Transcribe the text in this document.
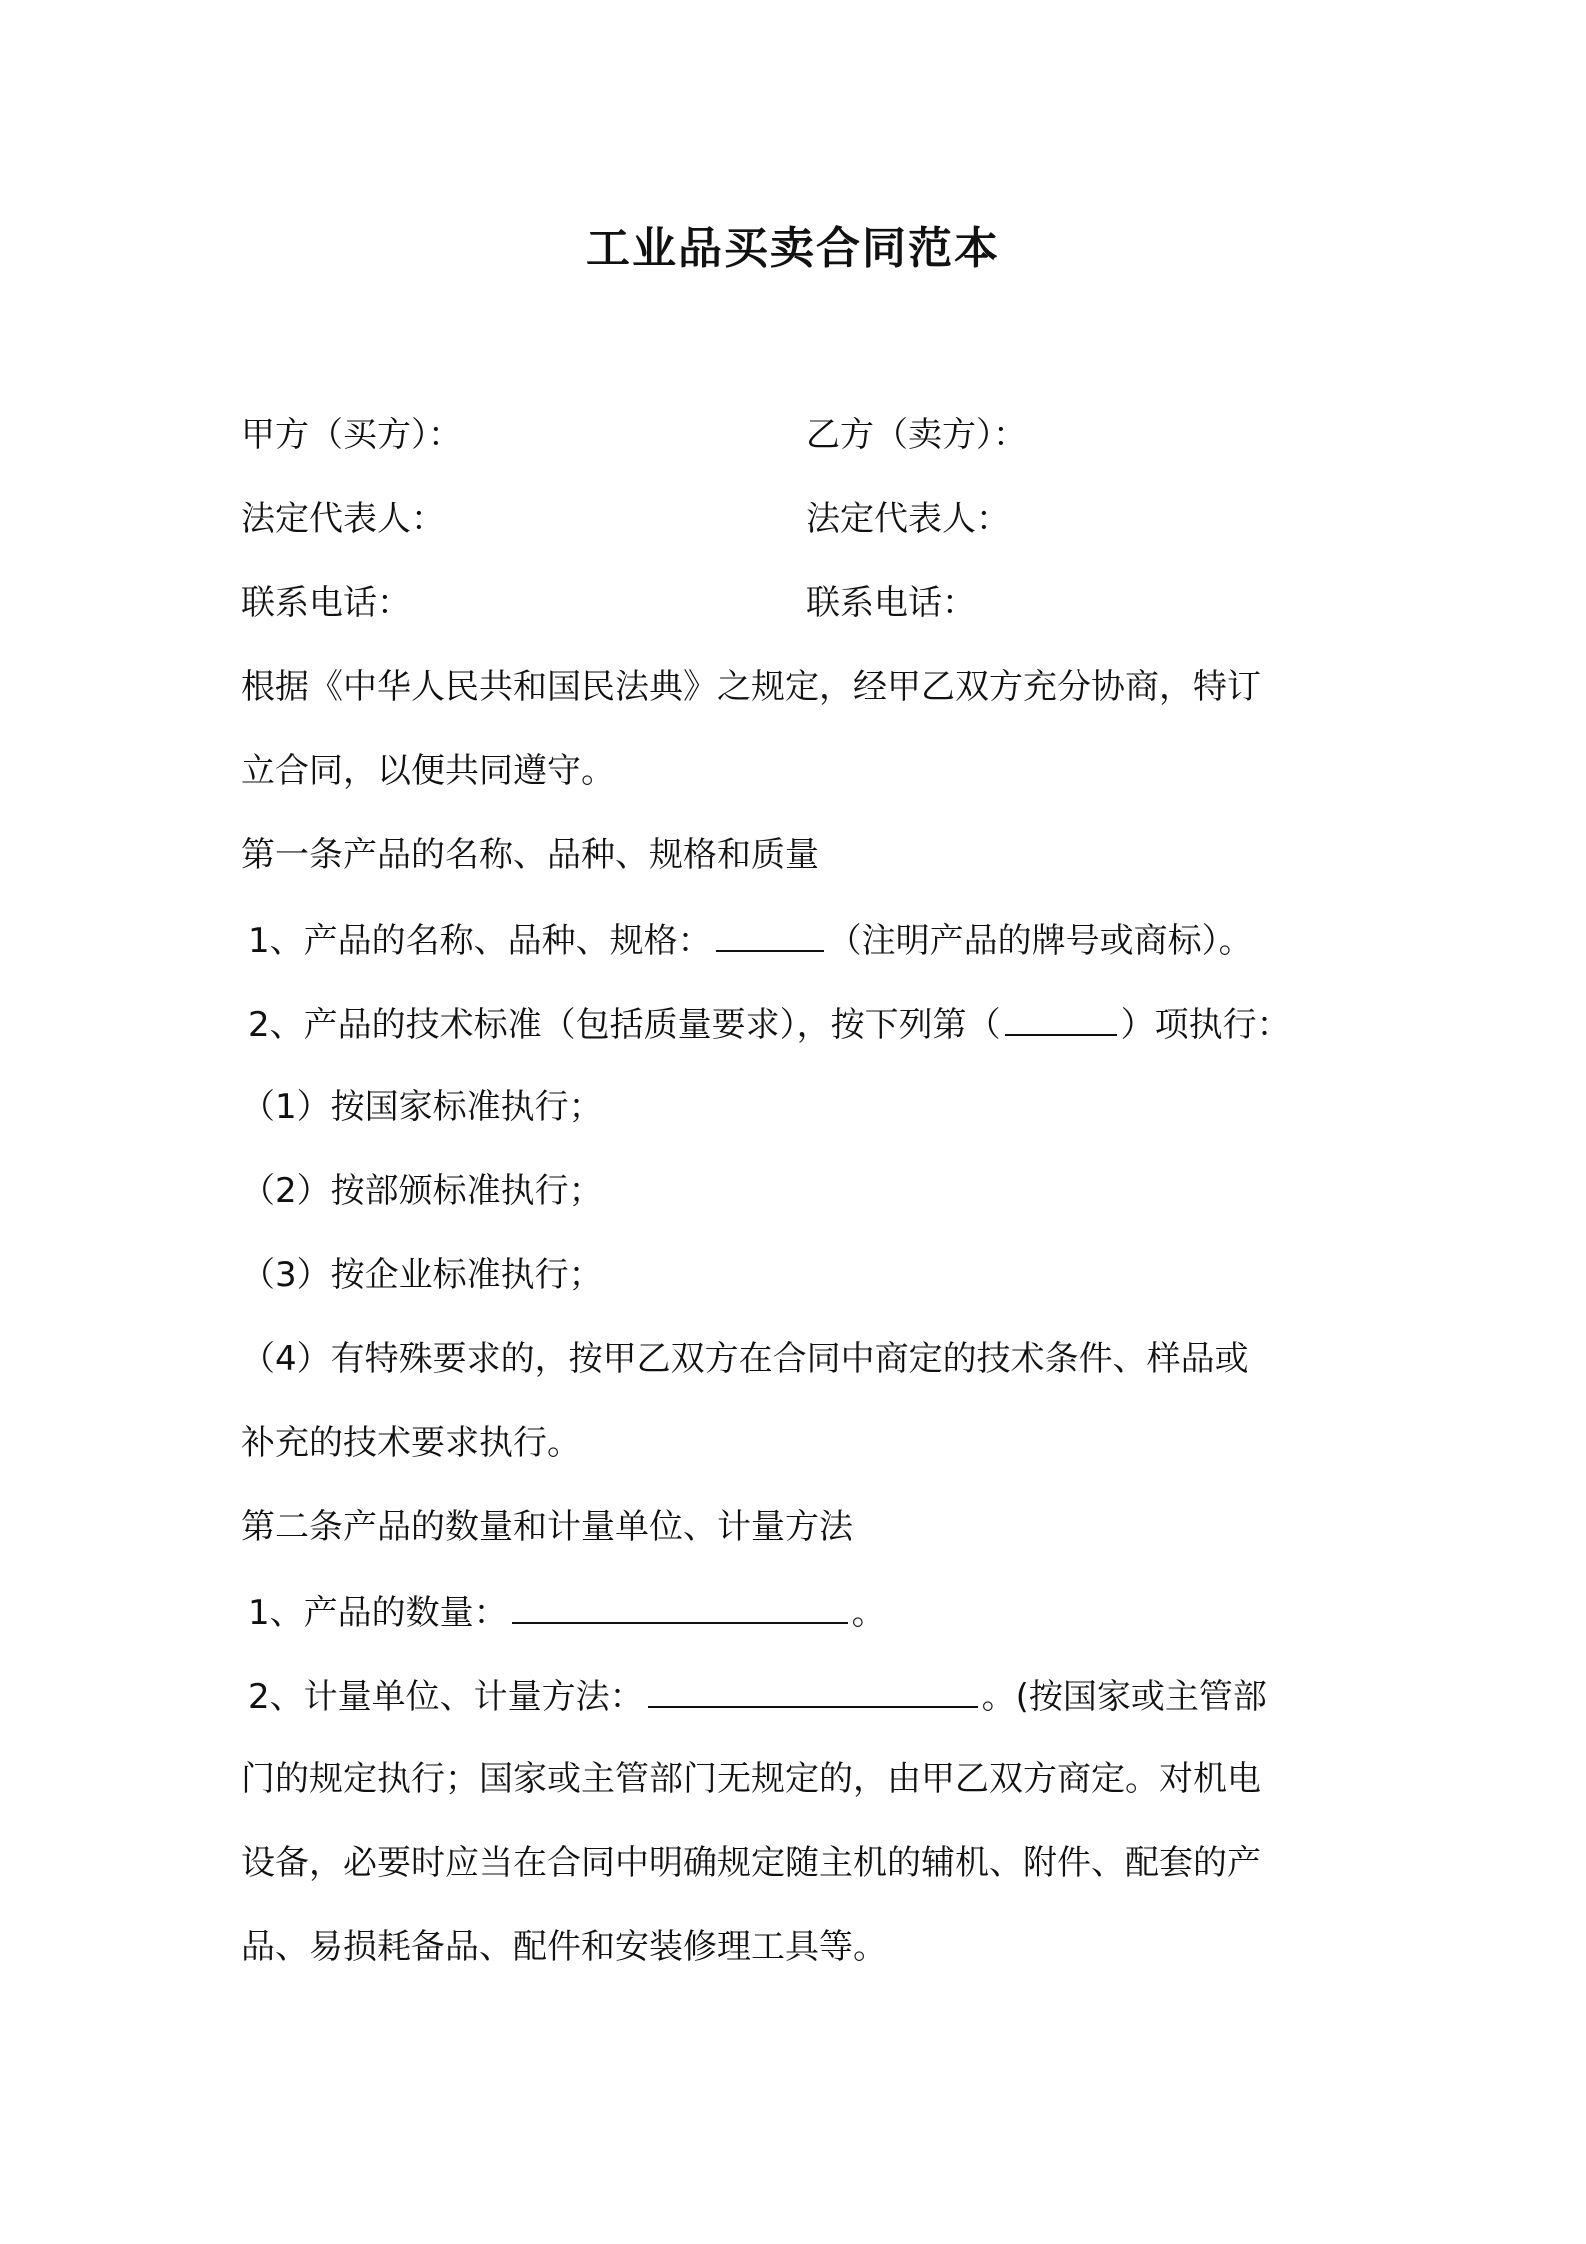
工业品买卖合同范本
甲方（买方）：	乙方（卖方）：
法定代表人：	法定代表人：
联系电话：	联系电话：
根据《中华人民共和国民法典》之规定，经甲乙双方充分协商，特订
立合同，以便共同遵守。
第一条产品的名称、品种、规格和质量
1、产品的名称、品种、规格：	（注明产品的牌号或商标）。
2、产品的技术标准（包括质量要求），按下列第（	）项执行：
（1）按国家标准执行；
（2）按部颁标准执行；
（3）按企业标准执行；
（4）有特殊要求的，按甲乙双方在合同中商定的技术条件、样品或
补充的技术要求执行。
第二条产品的数量和计量单位、计量方法
1、产品的数量：	。
2、计量单位、计量方法：	。(按国家或主管部
门的规定执行；国家或主管部门无规定的，由甲乙双方商定。对机电
设备，必要时应当在合同中明确规定随主机的辅机、附件、配套的产
品、易损耗备品、配件和安装修理工具等。
